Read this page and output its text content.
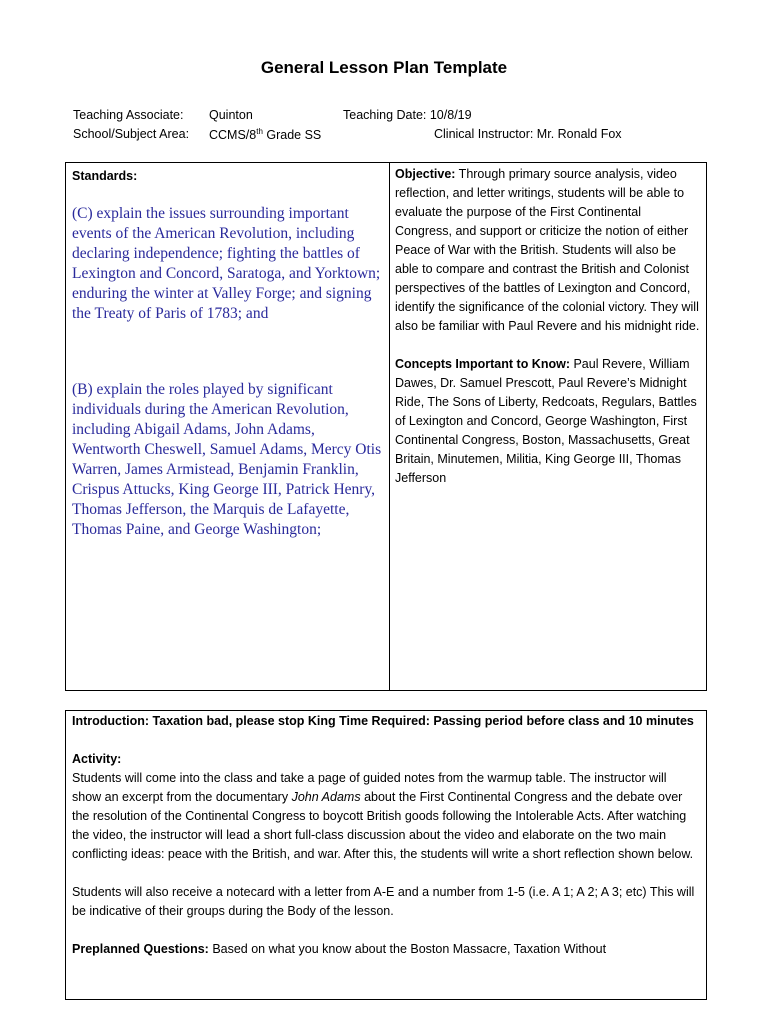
General Lesson Plan Template
Teaching Associate: Quinton	Teaching Date: 10/8/19
School/Subject Area: CCMS/8th Grade SS	Clinical Instructor: Mr. Ronald Fox

Standards:

(C) explain the issues surrounding important events of the American Revolution, including declaring independence; fighting the battles of Lexington and Concord, Saratoga, and Yorktown; enduring the winter at Valley Forge; and signing the Treaty of Paris of 1783; and

(B) explain the roles played by significant individuals during the American Revolution, including Abigail Adams, John Adams, Wentworth Cheswell, Samuel Adams, Mercy Otis Warren, James Armistead, Benjamin Franklin, Crispus Attucks, King George III, Patrick Henry, Thomas Jefferson, the Marquis de Lafayette, Thomas Paine, and George Washington;

Objective: Through primary source analysis, video reflection, and letter writings, students will be able to evaluate the purpose of the First Continental Congress, and support or criticize the notion of either Peace of War with the British. Students will also be able to compare and contrast the British and Colonist perspectives of the battles of Lexington and Concord, identify the significance of the colonial victory. They will also be familiar with Paul Revere and his midnight ride.

Concepts Important to Know: Paul Revere, William Dawes, Dr. Samuel Prescott, Paul Revere’s Midnight Ride, The Sons of Liberty, Redcoats, Regulars, Battles of Lexington and Concord, George Washington, First Continental Congress, Boston, Massachusetts, Great Britain, Minutemen, Militia, King George III, Thomas Jefferson

Introduction: Taxation bad, please stop King Time Required: Passing period before class and 10 minutes

Activity:

Students will come into the class and take a page of guided notes from the warmup table. The instructor will show an excerpt from the documentary John Adams about the First Continental Congress and the debate over the resolution of the Continental Congress to boycott British goods following the Intolerable Acts. After watching the video, the instructor will lead a short full-class discussion about the video and elaborate on the two main conflicting ideas: peace with the British, and war. After this, the students will write a short reflection shown below.

Students will also receive a notecard with a letter from A-E and a number from 1-5 (i.e. A 1; A 2; A 3; etc) This will be indicative of their groups during the Body of the lesson.

Preplanned Questions: Based on what you know about the Boston Massacre, Taxation Without
